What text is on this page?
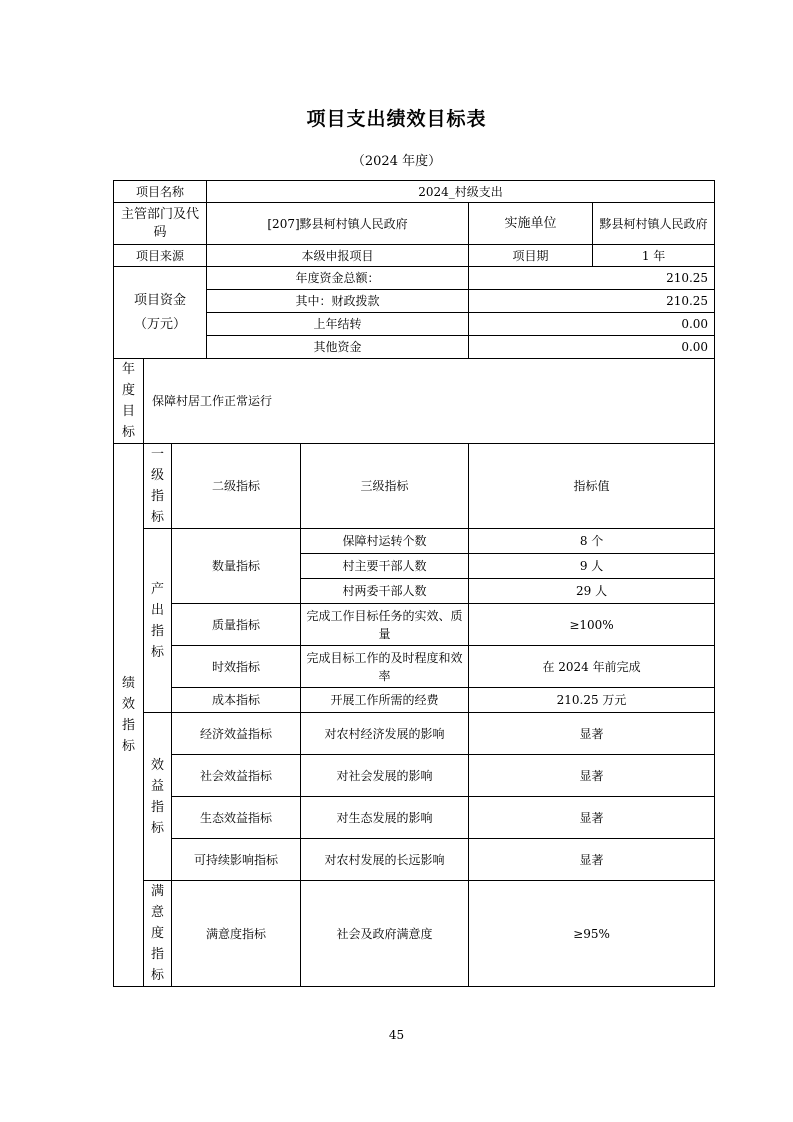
项目支出绩效目标表
（2024 年度）
项目名称			2024_村级支出			
主管部门及代码			[207]黟县柯村镇人民政府		实施单位	黟县柯村镇人民政府
项目来源			本级申报项目		项目期	1 年
项目资金（万元）			年度资金总额：		210.25	
			其中：财政拨款		210.25	
			上年结转		0.00	
			其他资金		0.00	

年度目标	保障村居工作正常运行					

绩效指标	一级指标	二级指标		三级指标	指标值	

	产出指标	数量指标		保障村运转个数	8 个	
				村主要干部人数	9 人	
				村两委干部人数	29 人	
		质量指标		完成工作目标任务的实效、质量	≥100%	
		时效指标		完成目标工作的及时程度和效率	在 2024 年前完成	
		成本指标		开展工作所需的经费	210.25 万元	

	效益指标	经济效益指标		对农村经济发展的影响	显著	
		社会效益指标		对社会发展的影响	显著	
		生态效益指标		对生态发展的影响	显著	
		可持续影响指标		对农村发展的长远影响	显著	

	满意度指标	满意度指标		社会及政府满意度	≥95%	
45
